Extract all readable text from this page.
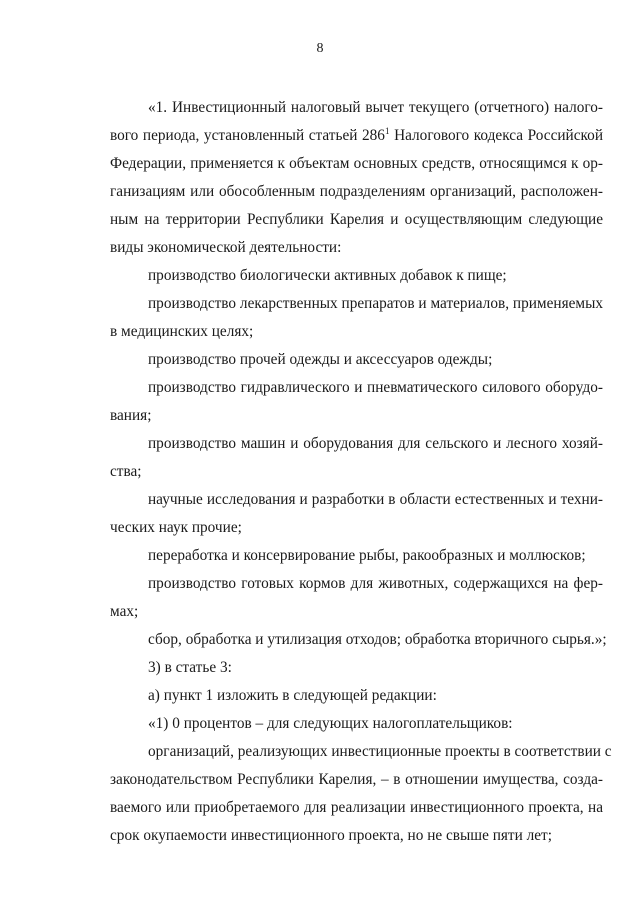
8
«1. Инвестиционный налоговый вычет текущего (отчетного) налого-
вого периода, установленный статьей $286^1$ Налогового кодекса Российской
Федерации, применяется к объектам основных средств, относящимся к ор-
ганизациям или обособленным подразделениям организаций, расположен-
ным на территории Республики Карелия и осуществляющим следующие
виды экономической деятельности:
производство биологически активных добавок к пище;
производство лекарственных препаратов и материалов, применяемых
в медицинских целях;
производство прочей одежды и аксессуаров одежды;
производство гидравлического и пневматического силового оборудо-
вания;
производство машин и оборудования для сельского и лесного хозяй-
ства;
научные исследования и разработки в области естественных и техни-
ческих наук прочие;
переработка и консервирование рыбы, ракообразных и моллюсков;
производство готовых кормов для животных, содержащихся на фер-
мах;
сбор, обработка и утилизация отходов; обработка вторичного сырья.»;
3) в статье 3:
а) пункт 1 изложить в следующей редакции:
«1) 0 процентов – для следующих налогоплательщиков:
организаций, реализующих инвестиционные проекты в соответствии с
законодательством Республики Карелия, – в отношении имущества, созда-
ваемого или приобретаемого для реализации инвестиционного проекта, на
срок окупаемости инвестиционного проекта, но не свыше пяти лет;
